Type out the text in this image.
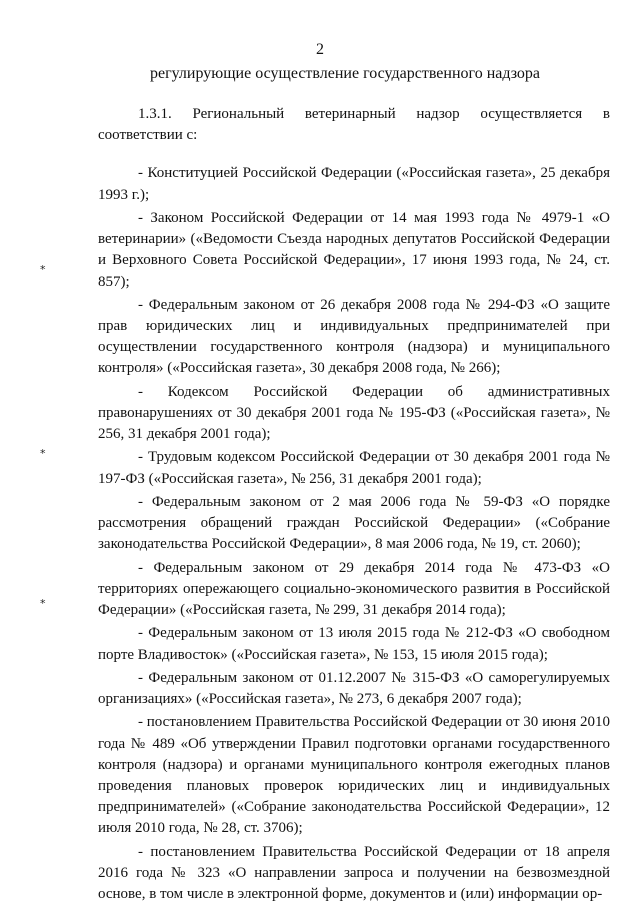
2
регулирующие осуществление государственного надзора
*
*
*

1.3.1. Региональный ветеринарный надзор осуществляется в соответствии с:

- Конституцией Российской Федерации («Российская газета», 25 декабря 1993 г.);

- Законом Российской Федерации от 14 мая 1993 года № 4979-1 «О ветеринарии» («Ведомости Съезда народных депутатов Российской Федерации и Верховного Совета Российской Федерации», 17 июня 1993 года, № 24, ст. 857);

- Федеральным законом от 26 декабря 2008 года № 294-ФЗ «О защите прав юридических лиц и индивидуальных предпринимателей при осуществлении государственного контроля (надзора) и муниципального контроля» («Российская газета», 30 декабря 2008 года, № 266);

- Кодексом Российской Федерации об административных правонарушениях от 30 декабря 2001 года № 195-ФЗ («Российская газета», № 256, 31 декабря 2001 года);

- Трудовым кодексом Российской Федерации от 30 декабря 2001 года № 197-ФЗ («Российская газета», № 256, 31 декабря 2001 года);

- Федеральным законом от 2 мая 2006 года № 59-ФЗ «О порядке рассмотрения обращений граждан Российской Федерации» («Собрание законодательства Российской Федерации», 8 мая 2006 года, № 19, ст. 2060);

- Федеральным законом от 29 декабря 2014 года № 473-ФЗ «О территориях опережающего социально-экономического развития в Российской Федерации» («Российская газета, № 299, 31 декабря 2014 года);

- Федеральным законом от 13 июля 2015 года № 212-ФЗ «О свободном порте Владивосток» («Российская газета», № 153, 15 июля 2015 года);

- Федеральным законом от 01.12.2007 № 315-ФЗ «О саморегулируемых организациях» («Российская газета», № 273, 6 декабря 2007 года);

- постановлением Правительства Российской Федерации от 30 июня 2010 года № 489 «Об утверждении Правил подготовки органами государственного контроля (надзора) и органами муниципального контроля ежегодных планов проведения плановых проверок юридических лиц и индивидуальных предпринимателей» («Собрание законодательства Российской Федерации», 12 июля 2010 года, № 28, ст. 3706);

- постановлением Правительства Российской Федерации от 18 апреля 2016 года № 323 «О направлении запроса и получении на безвозмездной основе, в том числе в электронной форме, документов и (или) информации ор-
